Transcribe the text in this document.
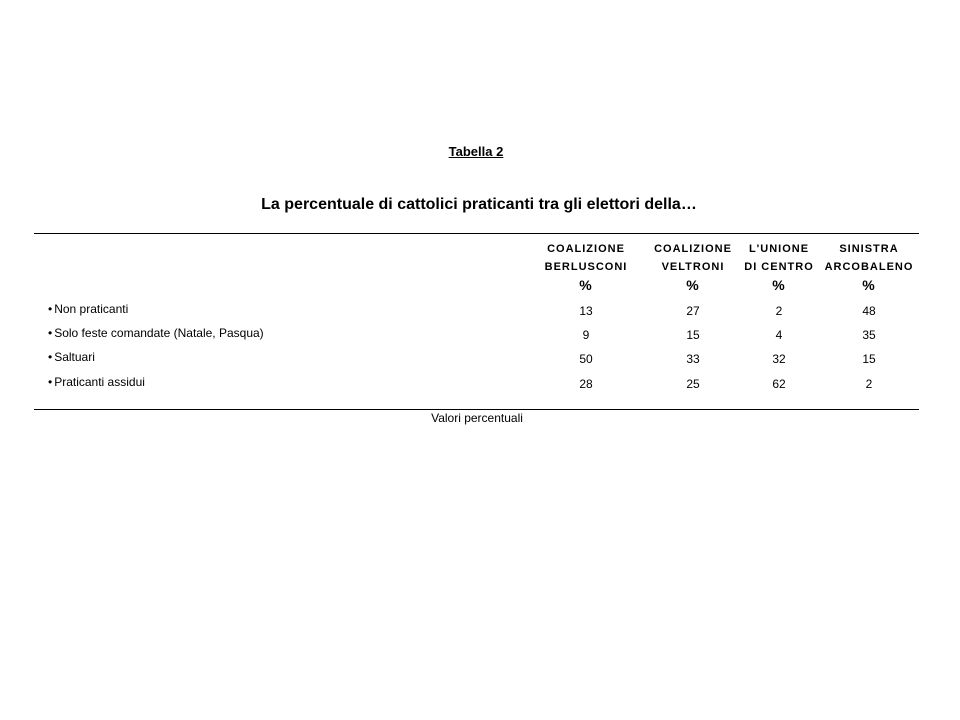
Tabella 2
La percentuale di cattolici praticanti tra gli elettori della…
COALIZIONE
BERLUSCONI
%
COALIZIONE
VELTRONI
%
L'UNIONE
DI CENTRO
%
SINISTRA
ARCOBALENO
%
• Non praticanti	13	27	2	48
• Solo feste comandate (Natale, Pasqua)	9	15	4	35
• Saltuari	50	33	32	15
• Praticanti assidui	28	25	62	2
Valori percentuali
